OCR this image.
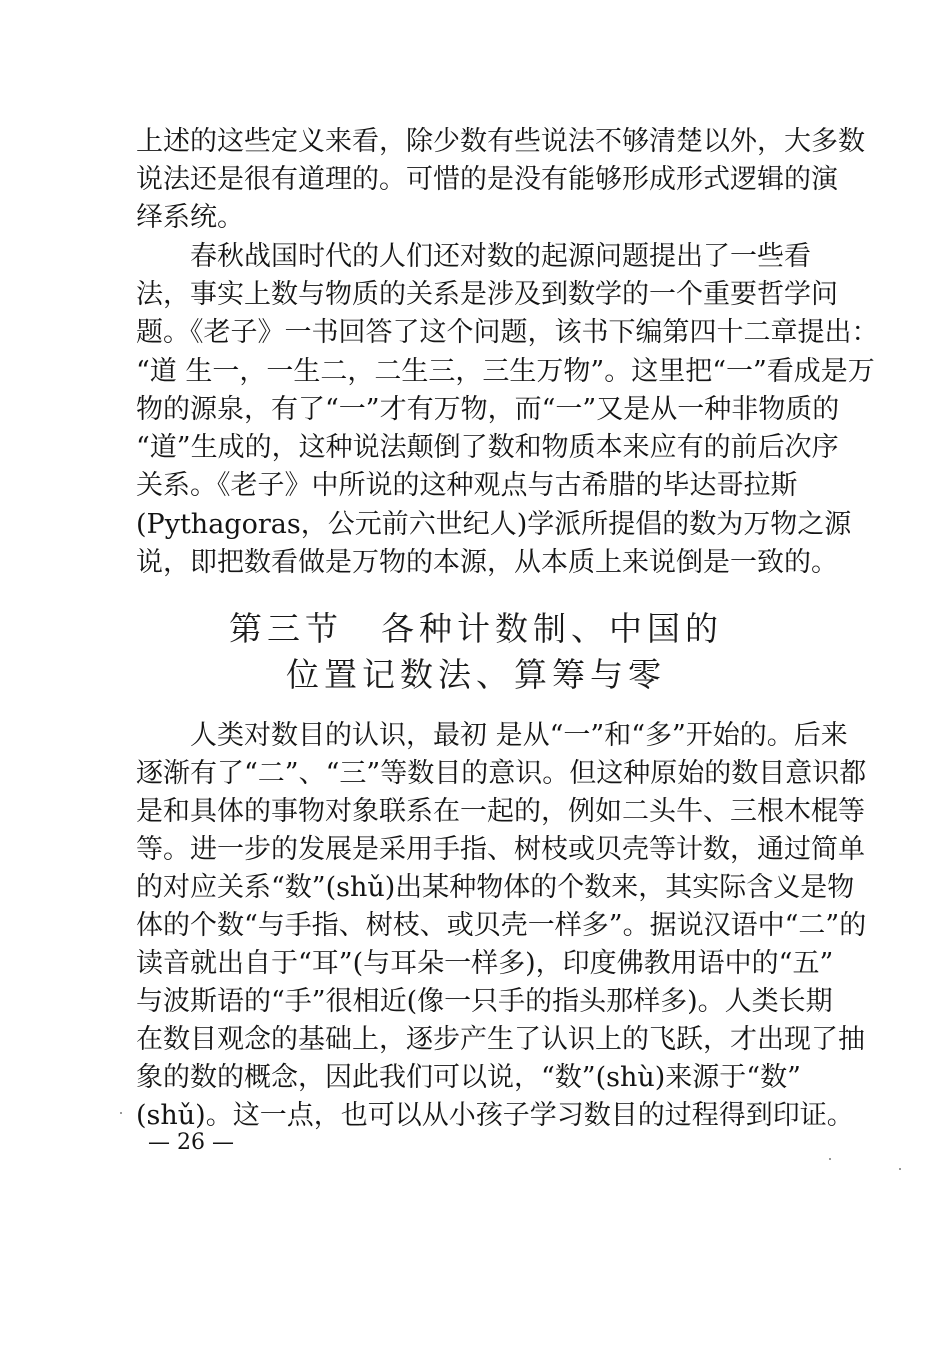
上述的这些定义来看，除少数有些说法不够清楚以外，大多数
说法还是很有道理的。可惜的是没有能够形成形式逻辑的演
绎系统。
春秋战国时代的人们还对数的起源问题提出了一些看
法，事实上数与物质的关系是涉及到数学的一个重要哲学问
题。《老子》一书回答了这个问题，该书下编第四十二章提出：
“道 生一，一生二，二生三，三生万物”。这里把“一”看成是万
物的源泉，有了“一”才有万物，而“一”又是从一种非物质的
“道”生成的，这种说法颠倒了数和物质本来应有的前后次序
关系。《老子》中所说的这种观点与古希腊的毕达哥拉斯
(Pythagoras，公元前六世纪人)学派所提倡的数为万物之源
说，即把数看做是万物的本源，从本质上来说倒是一致的。
第三节　各种计数制、中国的
位置记数法、算筹与零
人类对数目的认识，最初 是从“一”和“多”开始的。后来
逐渐有了“二”、“三”等数目的意识。但这种原始的数目意识都
是和具体的事物对象联系在一起的，例如二头牛、三根木棍等
等。进一步的发展是采用手指、树枝或贝壳等计数，通过简单
的对应关系“数”(shǔ)出某种物体的个数来，其实际含义是物
体的个数“与手指、树枝、或贝壳一样多”。据说汉语中“二”的
读音就出自于“耳”(与耳朵一样多)，印度佛教用语中的“五”
与波斯语的“手”很相近(像一只手的指头那样多)。人类长期
在数目观念的基础上，逐步产生了认识上的飞跃，才出现了抽
象的数的概念，因此我们可以说，“数”(shù)来源于“数”
(shǔ)。这一点，也可以从小孩子学习数目的过程得到印证。
— 26 —
